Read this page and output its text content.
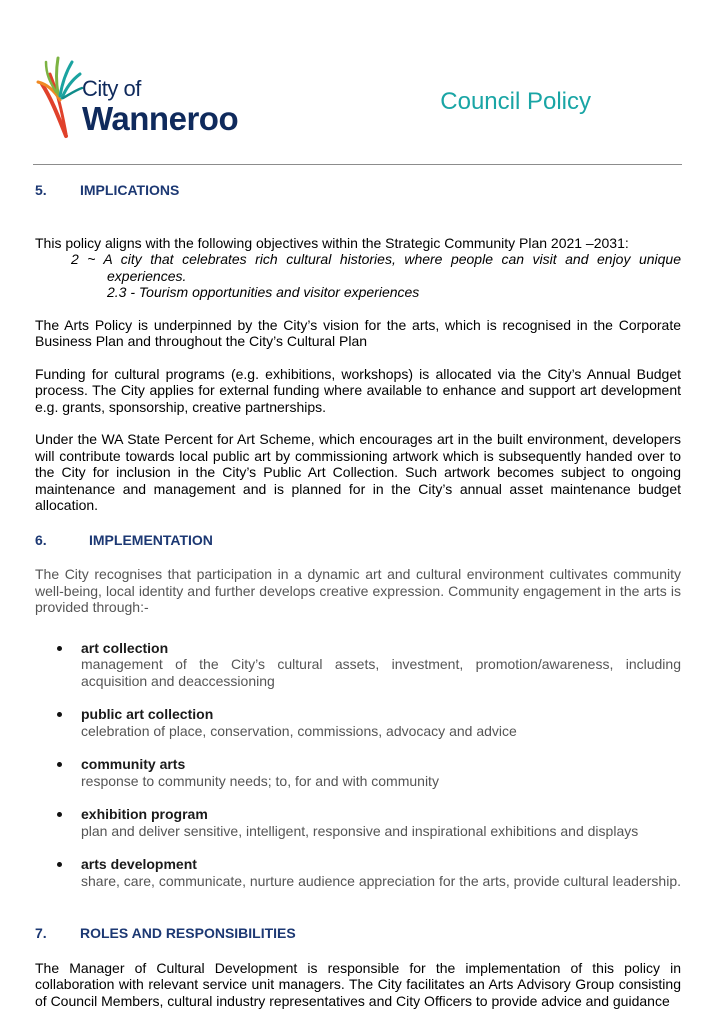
City of
Wanneroo	Council Policy
5.	IMPLICATIONS

This policy aligns with the following objectives within the Strategic Community Plan 2021 –2031:

2 ~ A city that celebrates rich cultural histories, where people can visit and enjoy unique experiences.

2.3 - Tourism opportunities and visitor experiences

The Arts Policy is underpinned by the City’s vision for the arts, which is recognised in the Corporate Business Plan and throughout the City’s Cultural Plan

Funding for cultural programs (e.g. exhibitions, workshops) is allocated via the City’s Annual Budget process. The City applies for external funding where available to enhance and support art development e.g. grants, sponsorship, creative partnerships.

Under the WA State Percent for Art Scheme, which encourages art in the built environment, developers will contribute towards local public art by commissioning artwork which is subsequently handed over to the City for inclusion in the City’s Public Art Collection. Such artwork becomes subject to ongoing maintenance and management and is planned for in the City’s annual asset maintenance budget allocation.

6.	IMPLEMENTATION

The City recognises that participation in a dynamic art and cultural environment cultivates community well-being, local identity and further develops creative expression. Community engagement in the arts is provided through:-

art collection
management of the City’s cultural assets, investment, promotion/awareness, including acquisition and deaccessioning
public art collection
celebration of place, conservation, commissions, advocacy and advice
community arts
response to community needs; to, for and with community
exhibition program
plan and deliver sensitive, intelligent, responsive and inspirational exhibitions and displays
arts development
share, care, communicate, nurture audience appreciation for the arts, provide cultural leadership.
7.	ROLES AND RESPONSIBILITIES

The Manager of Cultural Development is responsible for the implementation of this policy in collaboration with relevant service unit managers. The City facilitates an Arts Advisory Group consisting of Council Members, cultural industry representatives and City Officers to provide advice and guidance
